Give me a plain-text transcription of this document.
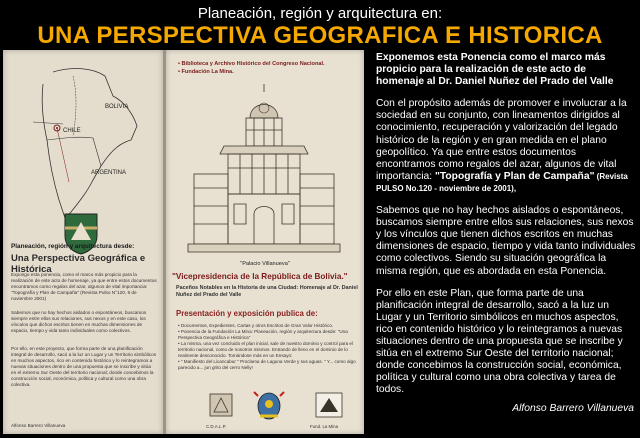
Planeación, región y arquitectura en:
UNA PERSPECTIVA GEOGRAFICA E HISTORICA
BOLIVIA
CHILE
ARGENTINA
Planeación, región y arquitectura desde:
Una Perspectiva Geográfica e Histórica
Expongo esta ponencia, como el marco más propicio para la realización de este acto de homenaje, ya que entre estos documentos encontramos como regalos del azar, algunos de vital importancia: "Topografía y Plan de Campaña" (Revista Pulso N°120, 9 de noviembre 2001)
Sabemos que no hay hechos aislados o espontáneos, buscamos siempre entre ellos sus relaciones, sus nexos y en este caso, los vínculos que dichos escritos tienen en muchas dimensiones de espacio, tiempo y vida tanto individuales como colectivos.
Por ello, en este proyecto, que forma parte de una planificación integral de desarrollo, sacó a la luz un Lugar y un Territorio simbólicos en muchos aspectos, rico en contenido histórico y lo reintegramos a nuevas situaciones dentro de una propuesta que se inscribe y sitúa en el extremo Sur Oeste del territorio nacional; donde concebimos la construcción social, económica, política y cultural como una obra colectiva.
Alfonso Barrero Villanueva
• Biblioteca y Archivo Histórico del Congreso Nacional.
• Fundación La Mina.
"Palacio Villanueva"
"Vicepresidencia de la República de Bolivia."
Paceños Notables en la Historia de una Ciudad: Homenaje al Dr. Daniel Nuñez del Prado del Valle
Presentación y exposición publica de:
• Documentos, Expedientes, Cartas y otros Escritos de Gran Valor Histórico.
• Ponencia de la Fundación La Mina: Planeación, región y arquitectura desde: "Una Perspectiva Geográfica e Histórica"
• La misma, una vez concluido el plan inicial, sale de nuestro dominio y control para el territorio nacional, como de nosotros mismos. Entrando de lleno en el dominio de lo realmente desconocido. Tomándose más en un Ensayo:
• " Manifiesto del Licancabur " Proclama de Laguna Verde y sus aguas. " Y... como algo parecido a... jun grito del cerro Nelly!
C.D.A.L.P.	Fund. La Mina

Exponemos esta Ponencia como el marco más propicio para la realización de este acto de homenaje al Dr. Daniel Nuñez del Prado del Valle

Con el propósito además de promover e involucrar a la sociedad en su conjunto, con lineamentos dirigidos al conocimiento, recuperación y valorización del legado histórico de la región y en gran medida en el plano geopolítico. Ya que entre estos documentos encontramos como regalos del azar, algunos de vital importancia: "Topografía y Plan de Campaña" (Revista PULSO No.120 - noviembre de 2001),

Sabemos que no hay hechos aislados o espontáneos, buscamos siempre entre ellos sus relaciones, sus nexos y los vínculos que tienen dichos escritos en muchas dimensiones de espacio, tiempo y vida tanto individuales como colectivos. Siendo su situación geográfica la misma región, que es abordada en esta Ponencia.

Por ello en este Plan, que forma parte de una planificación integral de desarrollo, sacó a la luz un Lugar y un Territorio simbólicos en muchos aspectos, rico en contenido histórico y lo reintegramos a nuevas situaciones dentro de una propuesta que se inscribe y sitúa en el extremo Sur Oeste del territorio nacional; donde concebimos la construcción social, económica, política y cultural como una obra colectiva y tarea de todos.

Alfonso Barrero Villanueva
